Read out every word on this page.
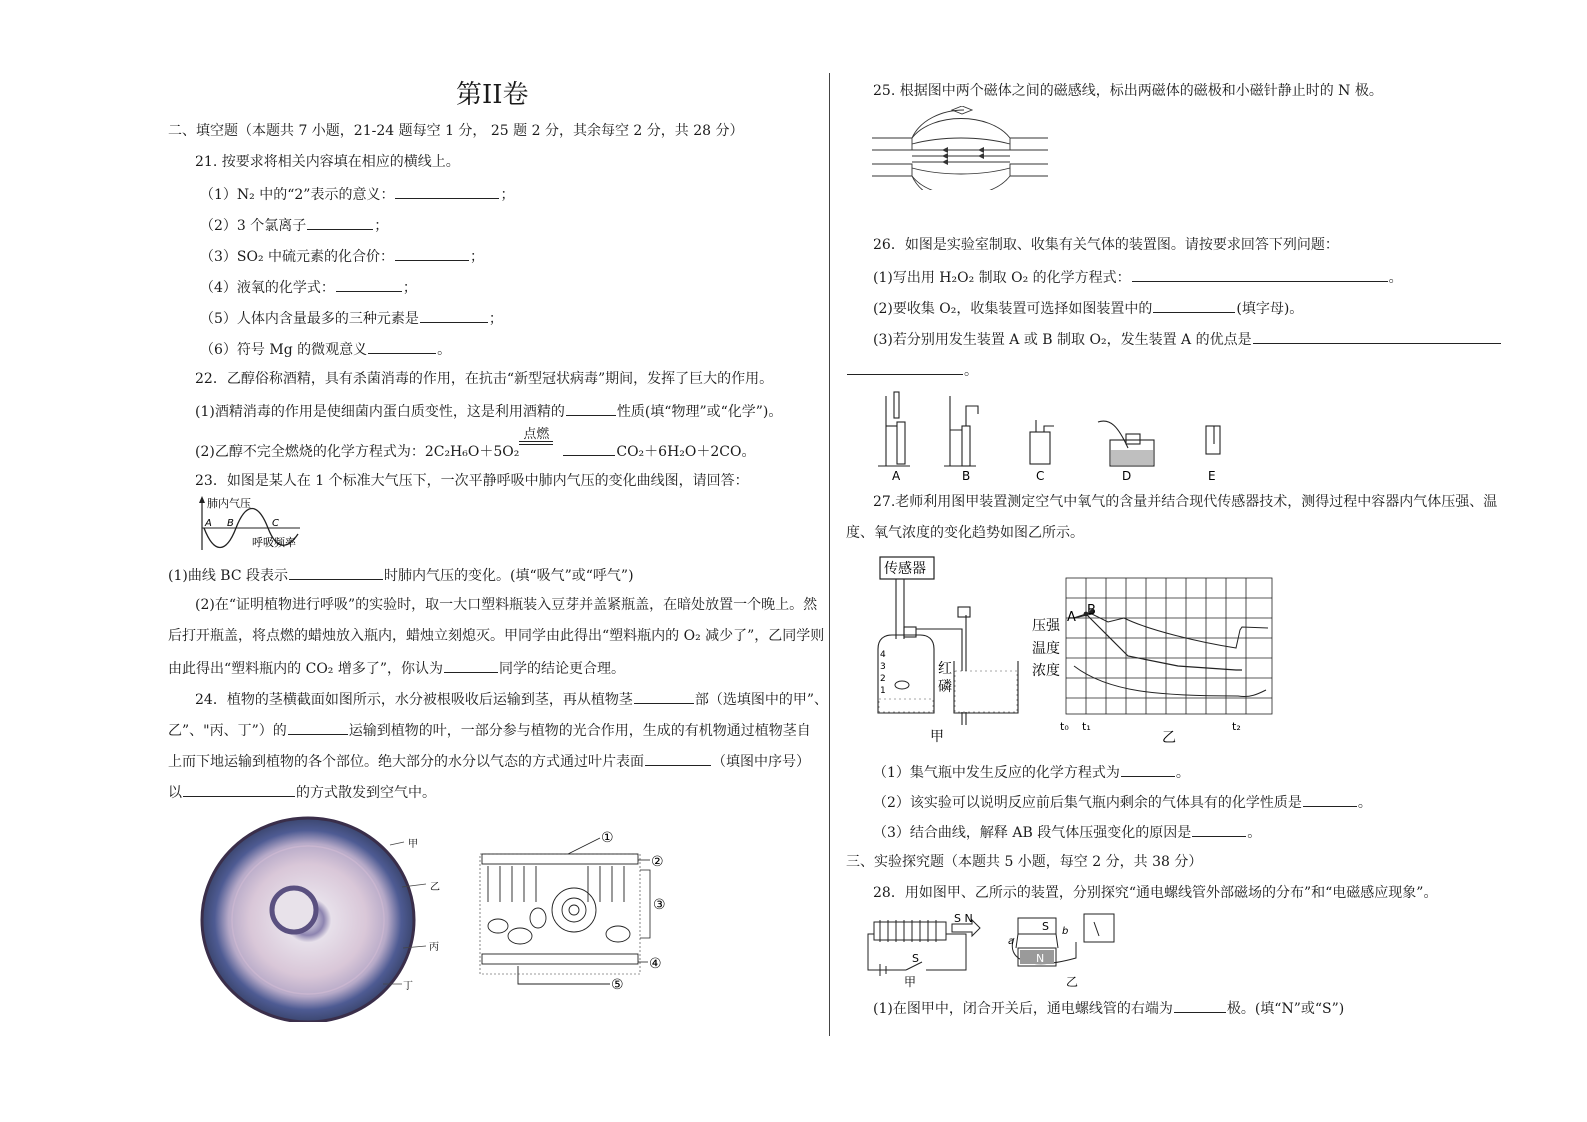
第II卷
二、填空题（本题共 7 小题，21-24 题每空 1 分， 25 题 2 分，其余每空 2 分，共 28 分）
21. 按要求将相关内容填在相应的横线上。
（1）N₂ 中的“2”表示的意义：	；
（2）3 个氯离子	；
（3）SO₂ 中硫元素的化合价：	；
（4）液氧的化学式：	；
（5）人体内含量最多的三种元素是	；
（6）符号 Mg 的微观意义	。
22．乙醇俗称酒精，具有杀菌消毒的作用，在抗击“新型冠状病毒”期间，发挥了巨大的作用。
(1)酒精消毒的作用是使细菌内蛋白质变性，这是利用酒精的	性质(填“物理”或“化学”)。
(2)乙醇不完全燃烧的化学方程式为：2C₂H₆O＋5O₂
点燃
CO₂＋6H₂O＋2CO。
23．如图是某人在 1 个标准大气压下，一次平静呼吸中肺内气压的变化曲线图，请回答：
肺内气压
A B	C
呼吸频率
(1)曲线 BC 段表示	时肺内气压的变化。(填“吸气”或“呼气”)
(2)在“证明植物进行呼吸”的实验时，取一大口塑料瓶装入豆芽并盖紧瓶盖，在暗处放置一个晚上。然
后打开瓶盖，将点燃的蜡烛放入瓶内，蜡烛立刻熄灭。甲同学由此得出“塑料瓶内的 O₂ 减少了”，乙同学则
由此得出“塑料瓶内的 CO₂ 增多了”，你认为	同学的结论更合理。
24．植物的茎横截面如图所示，水分被根吸收后运输到茎，再从植物茎	部（选填图中的甲”、
乙”、"丙、丁”）的	运输到植物的叶，一部分参与植物的光合作用，生成的有机物通过植物茎自
上而下地运输到植物的各个部位。绝大部分的水分以气态的方式通过叶片表面	（填图中序号）
以	的方式散发到空气中。
甲
乙
丙
丁
①
②
③
④
⑤
25. 根据图中两个磁体之间的磁感线，标出两磁体的磁极和小磁针静止时的 N 极。
26．如图是实验室制取、收集有关气体的装置图。请按要求回答下列问题：
(1)写出用 H₂O₂ 制取 O₂ 的化学方程式：	。
(2)要收集 O₂，收集装置可选择如图装置中的	(填字母)。
(3)若分别用发生装置 A 或 B 制取 O₂，发生装置 A 的优点是
。
A	B	C	D	E
27.老师利用图甲装置测定空气中氧气的含量并结合现代传感器技术，测得过程中容器内气体压强、温
度、氧气浓度的变化趋势如图乙所示。
传感器
4
3
2
1
红
磷
甲
A B
压强
温度
浓度
t₀ t₁	t₂
乙
（1）集气瓶中发生反应的化学方程式为	。
（2）该实验可以说明反应前后集气瓶内剩余的气体具有的化学性质是	。
（3）结合曲线，解释 AB 段气体压强变化的原因是	。
三、实验探究题（本题共 5 小题，每空 2 分，共 38 分）
28．用如图甲、乙所示的装置，分别探究“通电螺线管外部磁场的分布”和“电磁感应现象”。
S N
S
甲
S
N
a
b
乙
(1)在图甲中，闭合开关后，通电螺线管的右端为	极。(填“N”或“S”)
